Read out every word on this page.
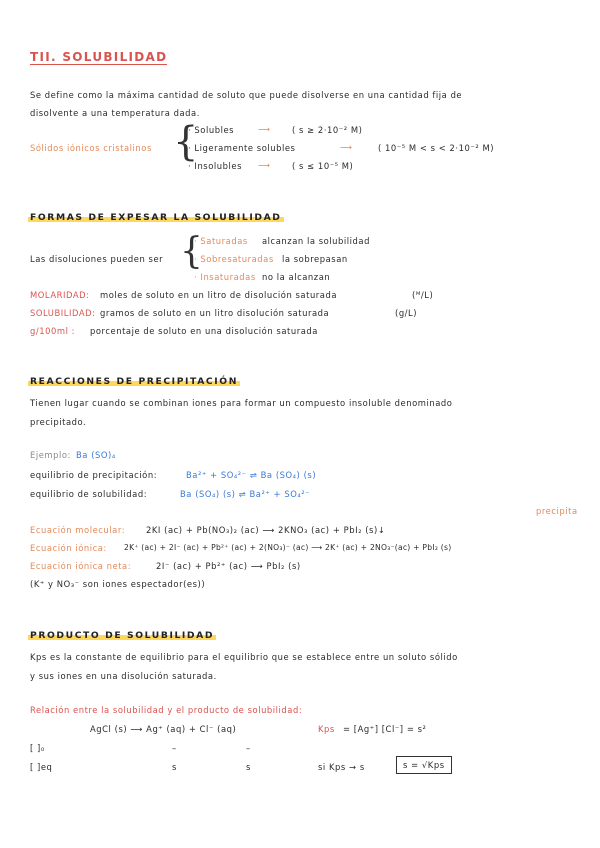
TII. SOLUBILIDAD
Se define como la máxima cantidad de soluto que puede disolverse en una cantidad fija de
disolvente a una temperatura dada.
Sólidos iónicos cristalinos {
· Solubles	⟶	( s ≥ 2·10⁻² M)
· Ligeramente solubles	⟶	( 10⁻⁵ M < s < 2·10⁻² M)
· Insolubles ⟶	( s ≤ 10⁻⁵ M)
FORMAS DE EXPESAR LA SOLUBILIDAD
Las disoluciones pueden ser {
· Saturadas alcanzan la solubilidad
· Sobresaturadas la sobrepasan
· Insaturadas no la alcanzan
MOLARIDAD: moles de soluto en un litro de disolución saturada	(ᴹ/L)
SOLUBILIDAD: gramos de soluto en un litro disolución saturada	(g/L)
g/100ml : porcentaje de soluto en una disolución saturada
REACCIONES DE PRECIPITACIÓN
Tienen lugar cuando se combinan iones para formar un compuesto insoluble denominado
precipitado.
Ejemplo: Ba (SO)₄
equilibrio de precipitación:	Ba²⁺ + SO₄²⁻ ⇌ Ba (SO₄) (s)
equilibrio de solubilidad:	Ba (SO₄) (s) ⇌ Ba²⁺ + SO₄²⁻
precipita
Ecuación molecular: 2KI (ac) + Pb(NO₃)₂ (ac) ⟶ 2KNO₃ (ac) + PbI₂ (s)↓
Ecuación iónica: 2K⁺ (ac) + 2I⁻ (ac) + Pb²⁺ (ac) + 2(NO₃)⁻ (ac) ⟶ 2K⁺ (ac) + 2NO₃⁻(ac) + PbI₂ (s)
Ecuación iónica neta:	2I⁻ (ac) + Pb²⁺ (ac) ⟶ PbI₂ (s)
(K⁺ y NO₃⁻ son iones espectador(es))
PRODUCTO DE SOLUBILIDAD
Kps es la constante de equilibrio para el equilibrio que se establece entre un soluto sólido
y sus iones en una disolución saturada.
Relación entre la solubilidad y el producto de solubilidad:
AgCl (s) ⟶ Ag⁺ (aq) + Cl⁻ (aq)	Kps = [Ag⁺] [Cl⁻] = s²
[ ]₀	–	–
[ ]eq	s	s	si Kps → s	s = √Kps
